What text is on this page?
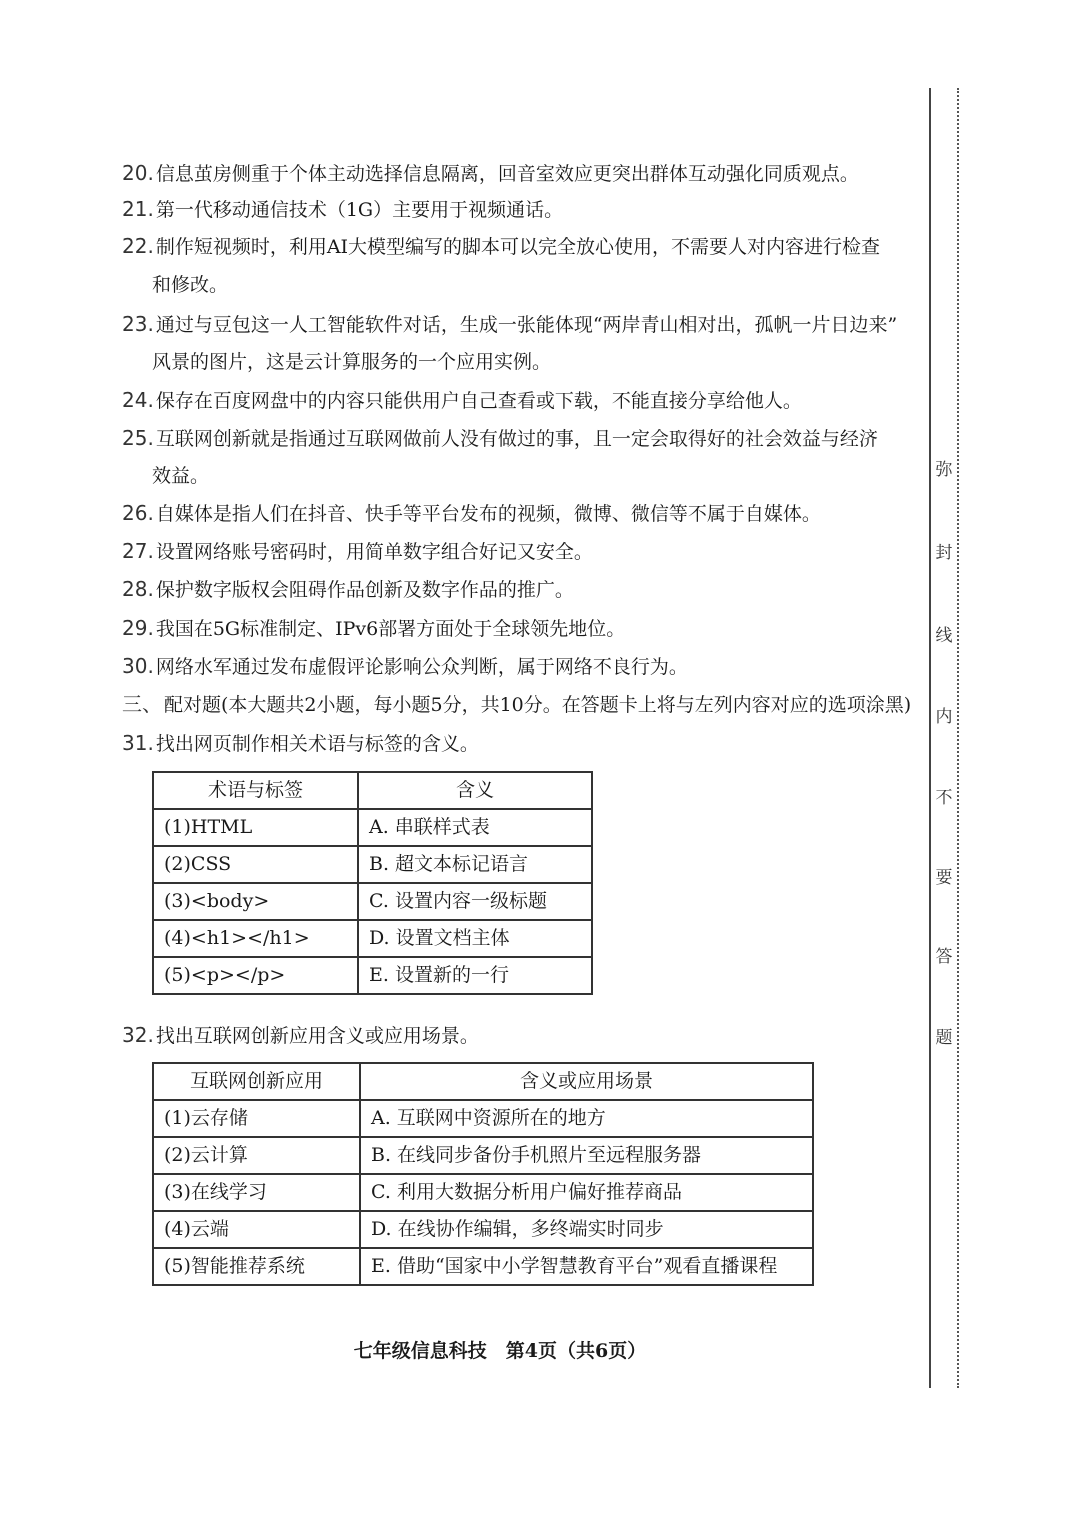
20. 信息茧房侧重于个体主动选择信息隔离，回音室效应更突出群体互动强化同质观点。
21. 第一代移动通信技术（1G）主要用于视频通话。
22. 制作短视频时，利用AI大模型编写的脚本可以完全放心使用，不需要人对内容进行检查
和修改。
23. 通过与豆包这一人工智能软件对话，生成一张能体现“两岸青山相对出，孤帆一片日边来”
风景的图片，这是云计算服务的一个应用实例。
24. 保存在百度网盘中的内容只能供用户自己查看或下载，不能直接分享给他人。
25. 互联网创新就是指通过互联网做前人没有做过的事，且一定会取得好的社会效益与经济
效益。
26. 自媒体是指人们在抖音、快手等平台发布的视频，微博、微信等不属于自媒体。
27. 设置网络账号密码时，用简单数字组合好记又安全。
28. 保护数字版权会阻碍作品创新及数字作品的推广。
29. 我国在5G标准制定、IPv6部署方面处于全球领先地位。
30. 网络水军通过发布虚假评论影响公众判断，属于网络不良行为。
三、 配对题(本大题共2小题，每小题5分，共10分。在答题卡上将与左列内容对应的选项涂黑)
31. 找出网页制作相关术语与标签的含义。
术语与标签	含义
(1)HTML	A. 串联样式表
(2)CSS	B. 超文本标记语言
(3)<body>	C. 设置内容一级标题
(4)<h1></h1>	D. 设置文档主体
(5)<p></p>	E. 设置新的一行
32. 找出互联网创新应用含义或应用场景。
互联网创新应用	含义或应用场景
(1)云存储	A. 互联网中资源所在的地方
(2)云计算	B. 在线同步备份手机照片至远程服务器
(3)在线学习	C. 利用大数据分析用户偏好推荐商品
(4)云端	D. 在线协作编辑，多终端实时同步
(5)智能推荐系统	E. 借助“国家中小学智慧教育平台”观看直播课程
七年级信息科技　第4页（共6页）
弥
封
线
内
不
要
答
题
